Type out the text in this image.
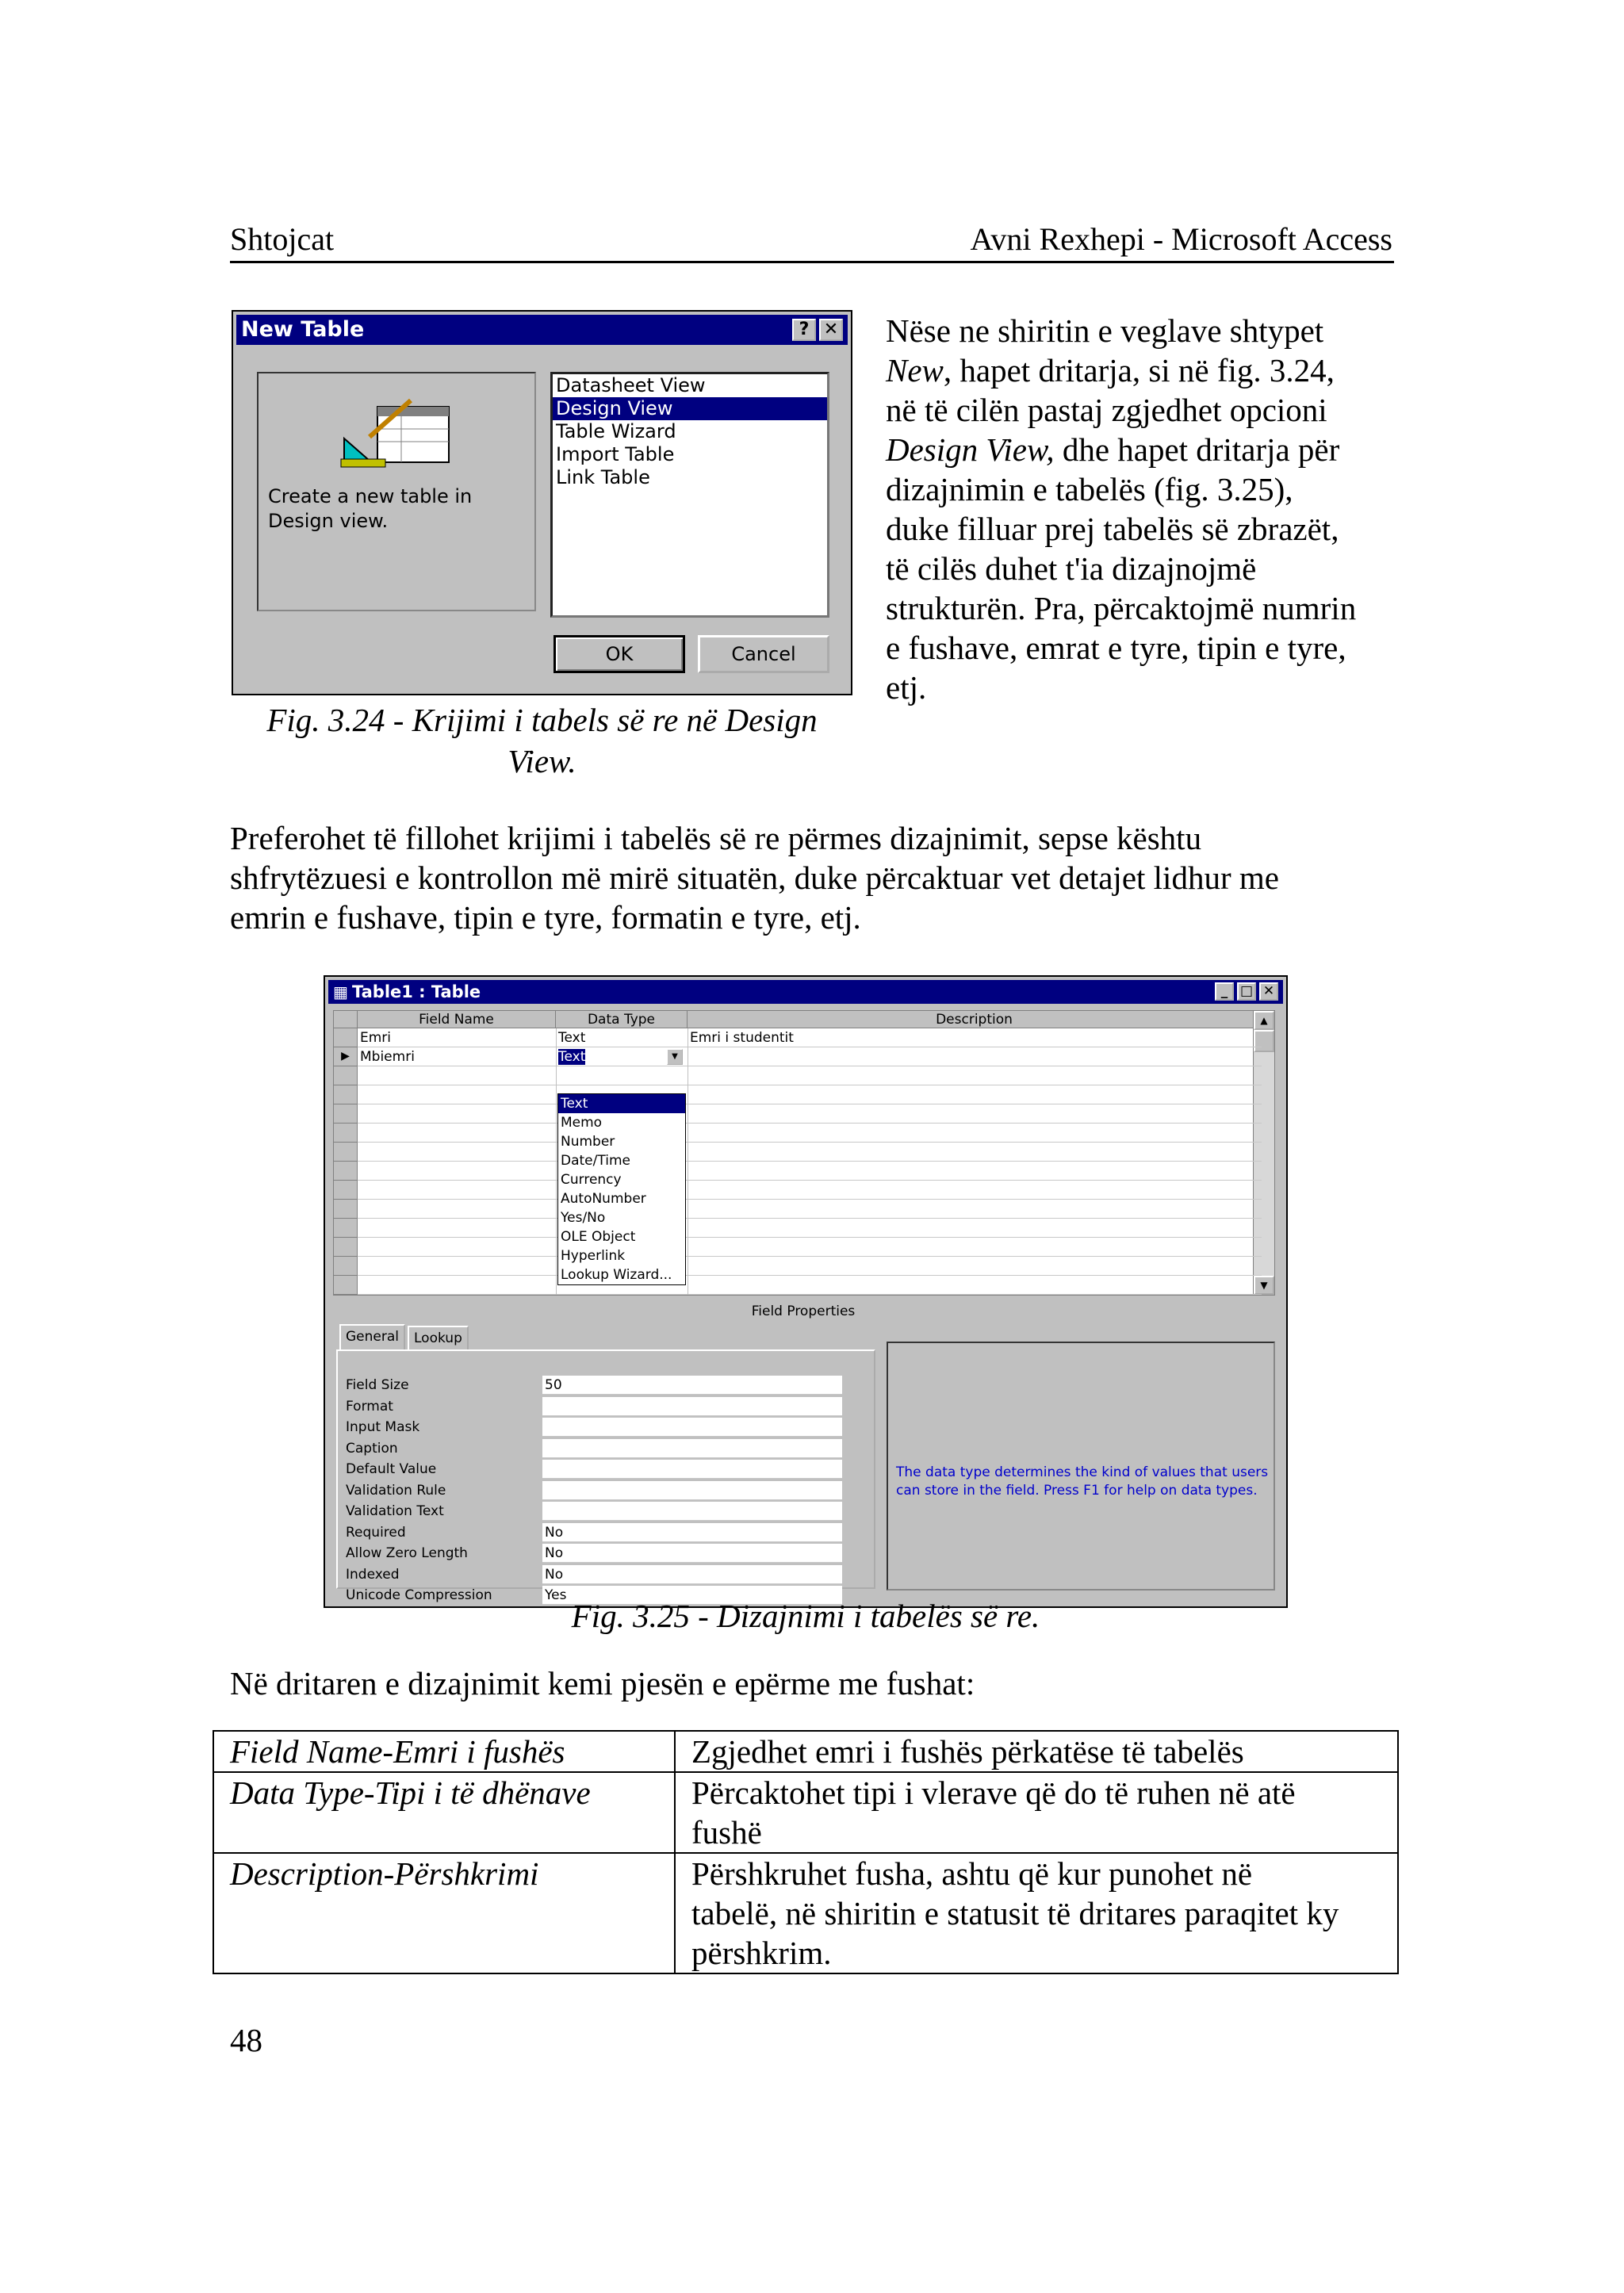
Shtojcat	Avni Rexhepi - Microsoft Access
New Table	? ✕
Create a new table in Design view.
Datasheet View
Design View
Table Wizard
Import Table
Link Table
OK	Cancel
Nëse ne shiritin e veglave shtypet
New, hapet dritarja, si në fig. 3.24,
në të cilën pastaj zgjedhet opcioni
Design View, dhe hapet dritarja për
dizajnimin e tabelës (fig. 3.25),
duke filluar prej tabelës së zbrazët,
të cilës duhet t'ia dizajnojmë
strukturën. Pra, përcaktojmë numrin
e fushave, emrat e tyre, tipin e tyre,
etj.
Fig. 3.24 - Krijimi i tabels së re në Design
View.
Preferohet të fillohet krijimi i tabelës së re përmes dizajnimit, sepse kështu
shfrytëzuesi e kontrollon më mirë situatën, duke përcaktuar vet detajet lidhur me
emrin e fushave, tipin e tyre, formatin e tyre, etj.
▦ Table1 : Table	_ □ ✕
Field Name	Data Type	Description	▲
▼
Emri	Text	Emri i studentit
▶ Mbiemri	Text	▼
Text
Memo
Number
Date/Time
Currency
AutoNumber
Yes/No
OLE Object
Hyperlink
Lookup Wizard...
Field Properties
General	Lookup
Field Size	50
Format
Input Mask
Caption
Default Value
Validation Rule
Validation Text
Required	No
Allow Zero Length	No
Indexed	No
Unicode Compression	Yes
The data type determines the kind of values that users can store in the field. Press F1 for help on data types.
Fig. 3.25 - Dizajnimi i tabelës së re.
Në dritaren e dizajnimit kemi pjesën e epërme me fushat:
Field Name-Emri i fushës	Zgjedhet emri i fushës përkatëse të tabelës

Data Type-Tipi i të dhënave	Përcaktohet tipi i vlerave që do të ruhen në atë
fushë

Description-Përshkrimi	Përshkruhet fusha, ashtu që kur punohet në
tabelë, në shiritin e statusit të dritares paraqitet ky
përshkrim.
48
